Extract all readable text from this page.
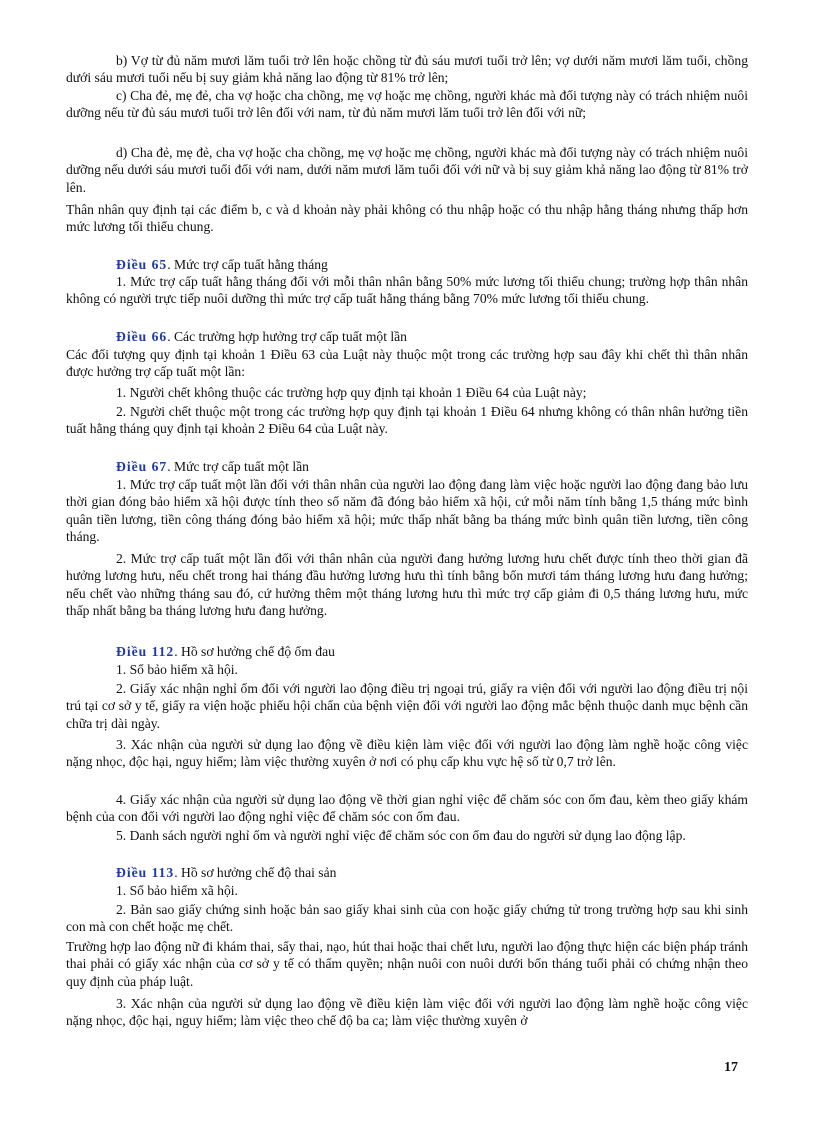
b) Vợ từ đủ năm mươi lăm tuổi trở lên hoặc chồng từ đủ sáu mươi tuổi trở lên; vợ dưới năm mươi lăm tuổi, chồng dưới sáu mươi tuổi nếu bị suy giảm khả năng lao động từ 81% trở lên;

c) Cha đẻ, mẹ đẻ, cha vợ hoặc cha chồng, mẹ vợ hoặc mẹ chồng, người khác mà đối tượng này có trách nhiệm nuôi dưỡng nếu từ đủ sáu mươi tuổi trở lên đối với nam, từ đủ năm mươi lăm tuổi trở lên đối với nữ;

d) Cha đẻ, mẹ đẻ, cha vợ hoặc cha chồng, mẹ vợ hoặc mẹ chồng, người khác mà đối tượng này có trách nhiệm nuôi dưỡng nếu dưới sáu mươi tuổi đối với nam, dưới năm mươi lăm tuổi đối với nữ và bị suy giảm khả năng lao động từ 81% trở lên.

Thân nhân quy định tại các điểm b, c và d khoản này phải không có thu nhập hoặc có thu nhập hằng tháng nhưng thấp hơn mức lương tối thiểu chung.

Điều 65. Mức trợ cấp tuất hằng tháng

1. Mức trợ cấp tuất hằng tháng đối với mỗi thân nhân bằng 50% mức lương tối thiểu chung; trường hợp thân nhân không có người trực tiếp nuôi dưỡng thì mức trợ cấp tuất hằng tháng bằng 70% mức lương tối thiểu chung.

Điều 66. Các trường hợp hưởng trợ cấp tuất một lần

Các đối tượng quy định tại khoản 1 Điều 63 của Luật này thuộc một trong các trường hợp sau đây khi chết thì thân nhân được hưởng trợ cấp tuất một lần:

1. Người chết không thuộc các trường hợp quy định tại khoản 1 Điều 64 của Luật này;

2. Người chết thuộc một trong các trường hợp quy định tại khoản 1 Điều 64 nhưng không có thân nhân hưởng tiền tuất hằng tháng quy định tại khoản 2 Điều 64 của Luật này.

Điều 67. Mức trợ cấp tuất một lần

1. Mức trợ cấp tuất một lần đối với thân nhân của người lao động đang làm việc hoặc người lao động đang bảo lưu thời gian đóng bảo hiểm xã hội được tính theo số năm đã đóng bảo hiểm xã hội, cứ mỗi năm tính bằng 1,5 tháng mức bình quân tiền lương, tiền công tháng đóng bảo hiểm xã hội; mức thấp nhất bằng ba tháng mức bình quân tiền lương, tiền công tháng.

2. Mức trợ cấp tuất một lần đối với thân nhân của người đang hưởng lương hưu chết được tính theo thời gian đã hưởng lương hưu, nếu chết trong hai tháng đầu hưởng lương hưu thì tính bằng bốn mươi tám tháng lương hưu đang hưởng; nếu chết vào những tháng sau đó, cứ hưởng thêm một tháng lương hưu thì mức trợ cấp giảm đi 0,5 tháng lương hưu, mức thấp nhất bằng ba tháng lương hưu đang hưởng.

Điều 112. Hồ sơ hưởng chế độ ốm đau

1. Sổ bảo hiểm xã hội.

2. Giấy xác nhận nghỉ ốm đối với người lao động điều trị ngoại trú, giấy ra viện đối với người lao động điều trị nội trú tại cơ sở y tế, giấy ra viện hoặc phiếu hội chẩn của bệnh viện đối với người lao động mắc bệnh thuộc danh mục bệnh cần chữa trị dài ngày.

3. Xác nhận của người sử dụng lao động về điều kiện làm việc đối với người lao động làm nghề hoặc công việc nặng nhọc, độc hại, nguy hiểm; làm việc thường xuyên ở nơi có phụ cấp khu vực hệ số từ 0,7 trở lên.

4. Giấy xác nhận của người sử dụng lao động về thời gian nghỉ việc để chăm sóc con ốm đau, kèm theo giấy khám bệnh của con đối với người lao động nghỉ việc để chăm sóc con ốm đau.

5. Danh sách người nghỉ ốm và người nghỉ việc để chăm sóc con ốm đau do người sử dụng lao động lập.

Điều 113. Hồ sơ hưởng chế độ thai sản

1. Sổ bảo hiểm xã hội.

2. Bản sao giấy chứng sinh hoặc bản sao giấy khai sinh của con hoặc giấy chứng tử trong trường hợp sau khi sinh con mà con chết hoặc mẹ chết.

Trường hợp lao động nữ đi khám thai, sẩy thai, nạo, hút thai hoặc thai chết lưu, người lao động thực hiện các biện pháp tránh thai phải có giấy xác nhận của cơ sở y tế có thẩm quyền; nhận nuôi con nuôi dưới bốn tháng tuổi phải có chứng nhận theo quy định của pháp luật.

3. Xác nhận của người sử dụng lao động về điều kiện làm việc đối với người lao động làm nghề hoặc công việc nặng nhọc, độc hại, nguy hiểm; làm việc theo chế độ ba ca; làm việc thường xuyên ở

17
